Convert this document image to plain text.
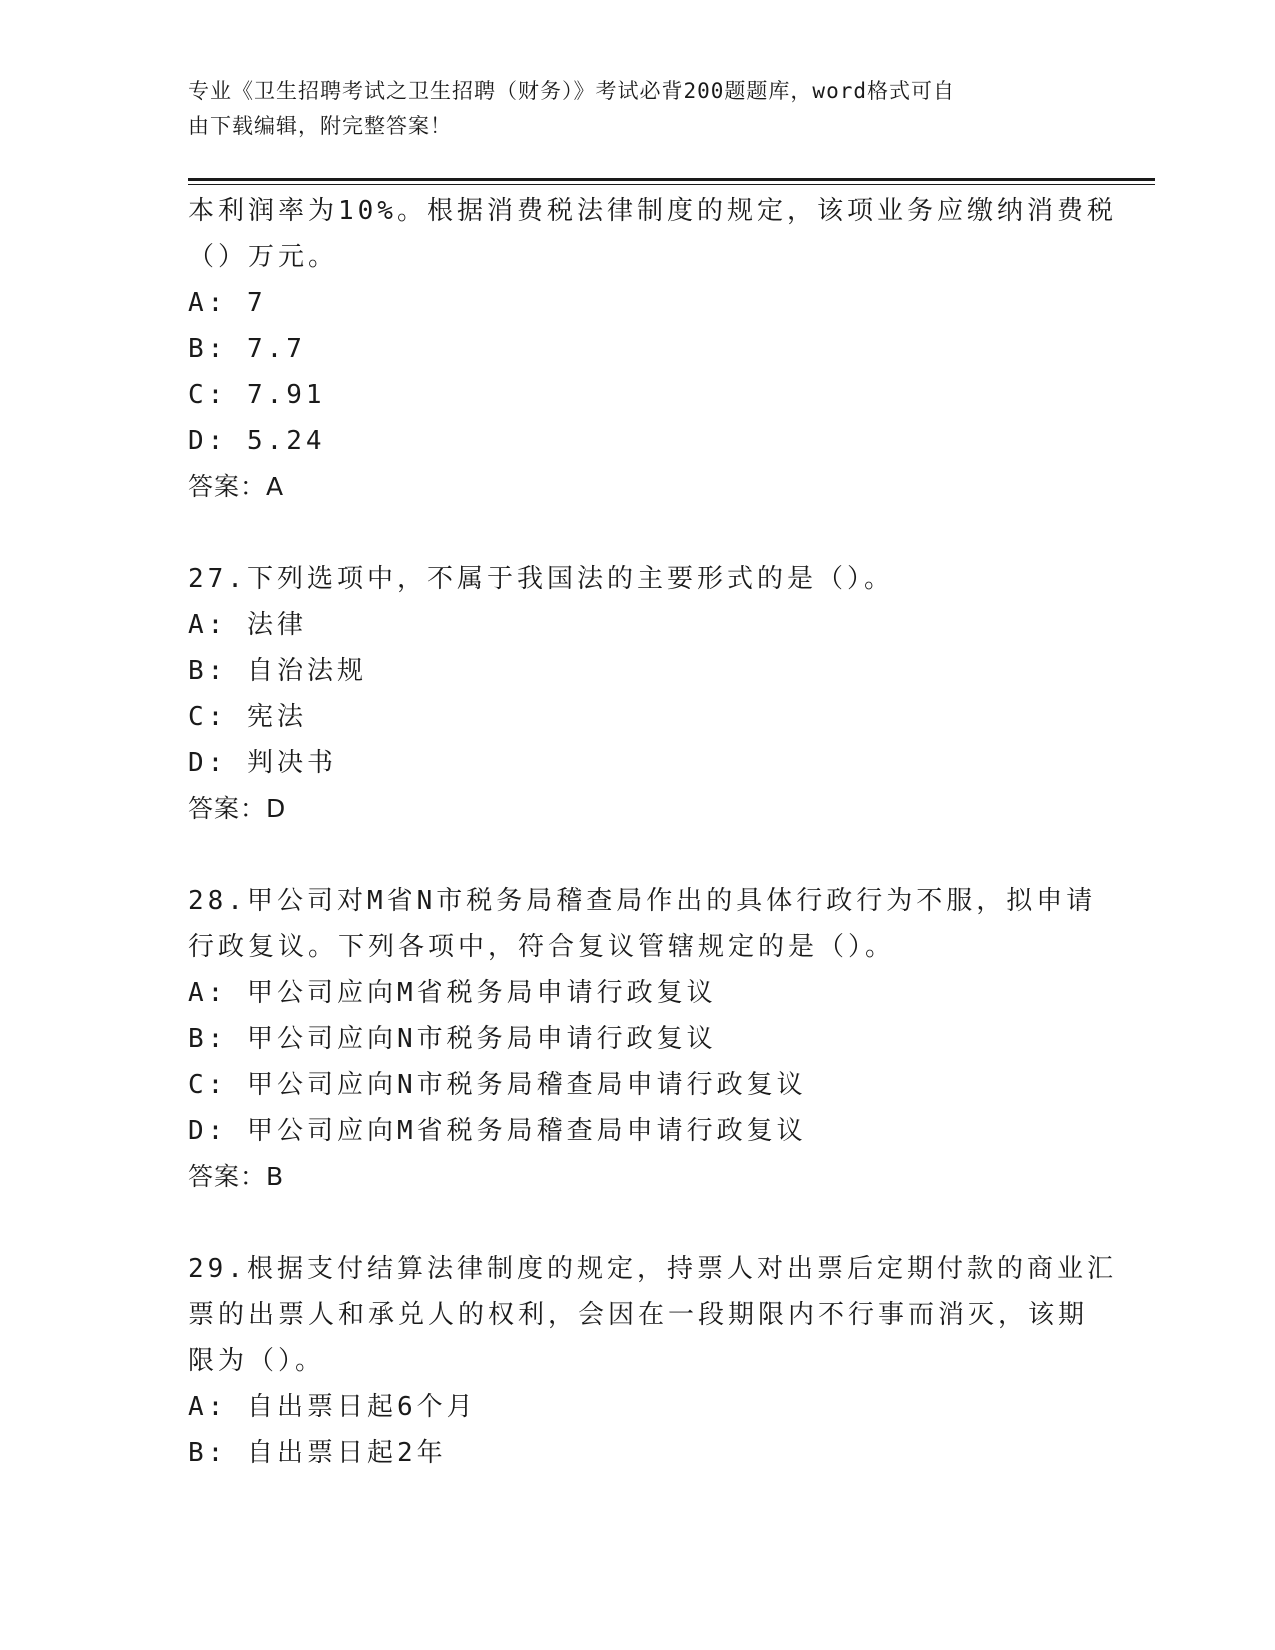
专业《卫生招聘考试之卫生招聘（财务）》考试必背200题题库，word格式可自
由下载编辑，附完整答案！
本利润率为10%。根据消费税法律制度的规定，该项业务应缴纳消费税
（）万元。
A: 7
B: 7.7
C: 7.91
D: 5.24
答案：A
27.下列选项中，不属于我国法的主要形式的是（）。
A: 法律
B: 自治法规
C: 宪法
D: 判决书
答案：D
28.甲公司对M省N市税务局稽查局作出的具体行政行为不服，拟申请
行政复议。下列各项中，符合复议管辖规定的是（）。
A: 甲公司应向M省税务局申请行政复议
B: 甲公司应向N市税务局申请行政复议
C: 甲公司应向N市税务局稽查局申请行政复议
D: 甲公司应向M省税务局稽查局申请行政复议
答案：B
29.根据支付结算法律制度的规定，持票人对出票后定期付款的商业汇
票的出票人和承兑人的权利，会因在一段期限内不行事而消灭，该期
限为（）。
A: 自出票日起6个月
B: 自出票日起2年
